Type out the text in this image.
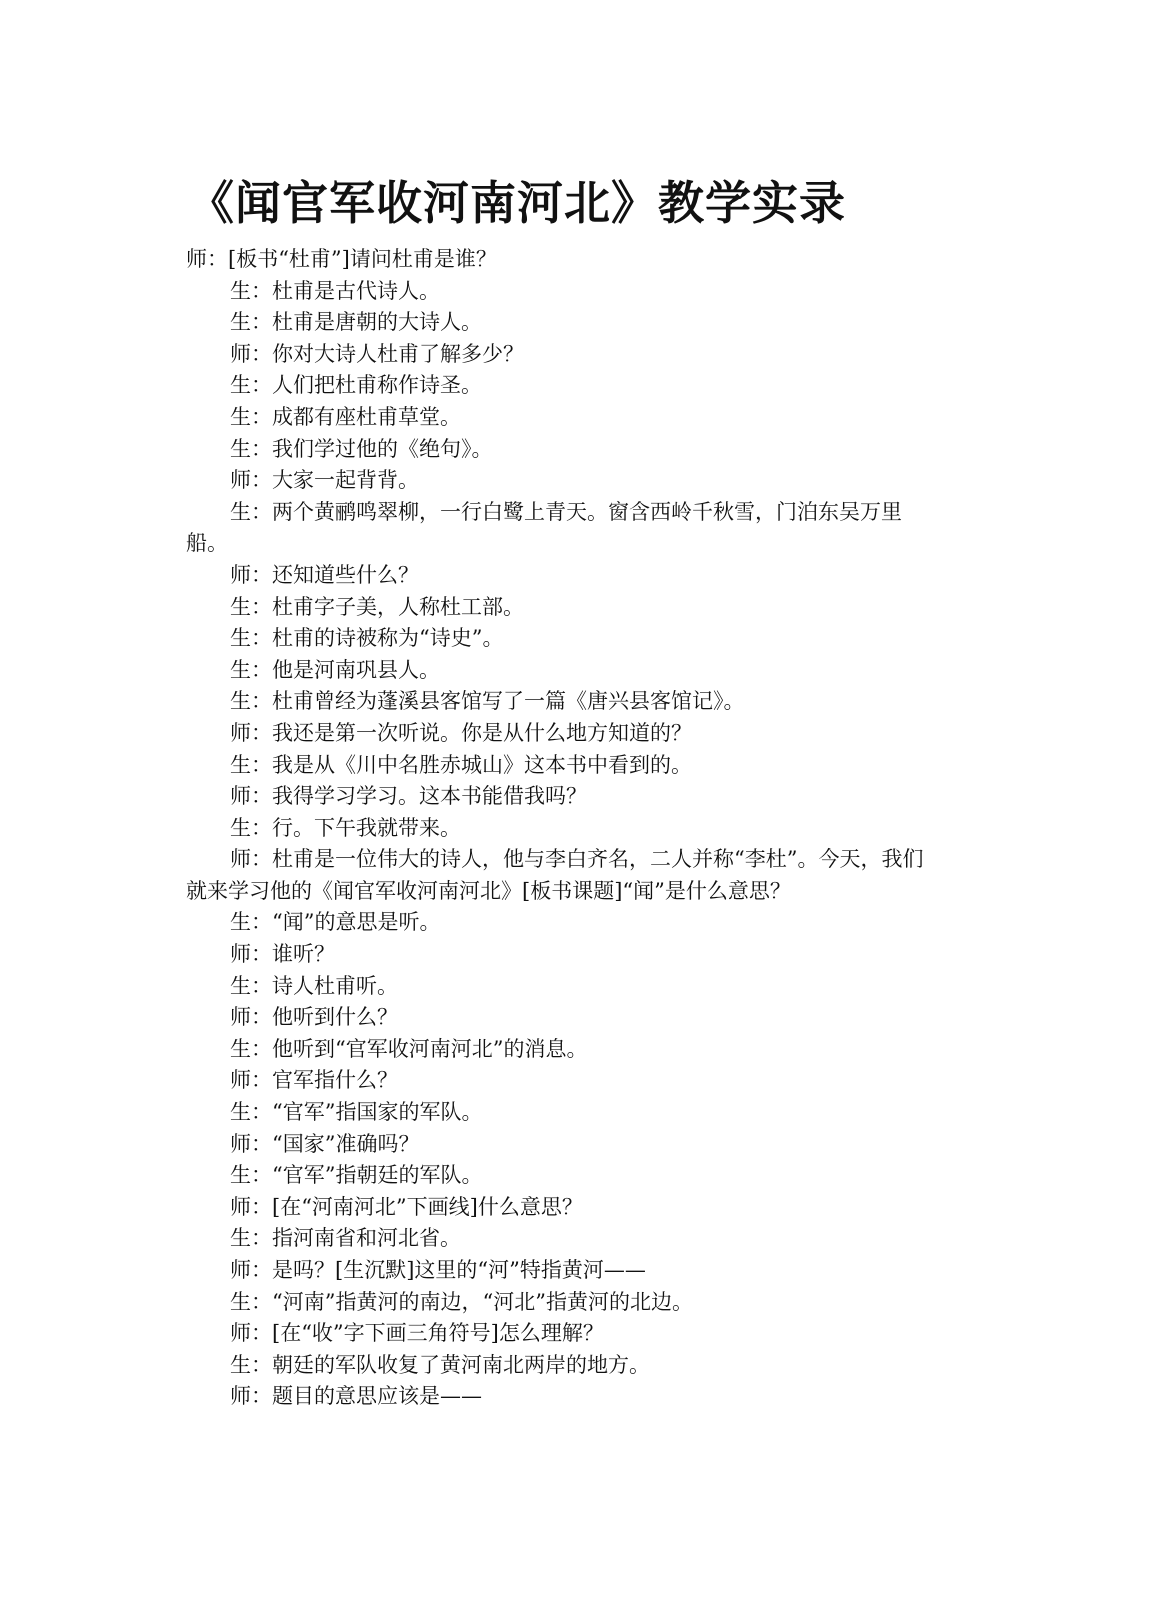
《闻官军收河南河北》教学实录

师：[板书“杜甫”]请问杜甫是谁？

生：杜甫是古代诗人。

生：杜甫是唐朝的大诗人。

师：你对大诗人杜甫了解多少？

生：人们把杜甫称作诗圣。

生：成都有座杜甫草堂。

生：我们学过他的《绝句》。

师：大家一起背背。

生：两个黄鹂鸣翠柳，一行白鹭上青天。窗含西岭千秋雪，门泊东吴万里

船。

师：还知道些什么？

生：杜甫字子美，人称杜工部。

生：杜甫的诗被称为“诗史”。

生：他是河南巩县人。

生：杜甫曾经为蓬溪县客馆写了一篇《唐兴县客馆记》。

师：我还是第一次听说。你是从什么地方知道的？

生：我是从《川中名胜赤城山》这本书中看到的。

师：我得学习学习。这本书能借我吗？

生：行。下午我就带来。

师：杜甫是一位伟大的诗人，他与李白齐名，二人并称“李杜”。今天，我们

就来学习他的《闻官军收河南河北》[板书课题]“闻”是什么意思？

生：“闻”的意思是听。

师：谁听？

生：诗人杜甫听。

师：他听到什么？

生：他听到“官军收河南河北”的消息。

师：官军指什么？

生：“官军”指国家的军队。

师：“国家”准确吗？

生：“官军”指朝廷的军队。

师：[在“河南河北”下画线]什么意思？

生：指河南省和河北省。

师：是吗？[生沉默]这里的“河”特指黄河——

生：“河南”指黄河的南边，“河北”指黄河的北边。

师：[在“收”字下画三角符号]怎么理解？

生：朝廷的军队收复了黄河南北两岸的地方。

师：题目的意思应该是——
